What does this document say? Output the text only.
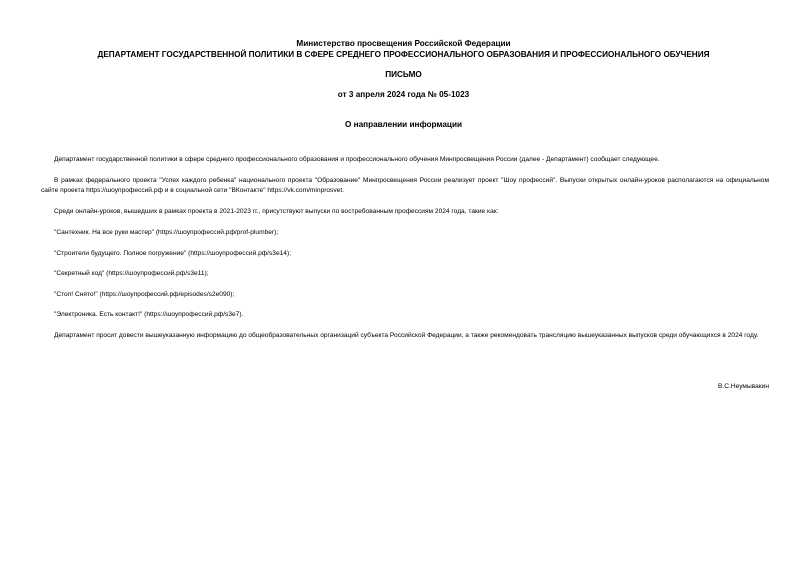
Министерство просвещения Российской Федерации
ДЕПАРТАМЕНТ ГОСУДАРСТВЕННОЙ ПОЛИТИКИ В СФЕРЕ СРЕДНЕГО ПРОФЕССИОНАЛЬНОГО ОБРАЗОВАНИЯ И ПРОФЕССИОНАЛЬНОГО ОБУЧЕНИЯ
ПИСЬМО
от 3 апреля 2024 года № 05-1023
О направлении информации

Департамент государственной политики в сфере среднего профессионального образования и профессионального обучения Минпросвещения России (далее - Департамент) сообщает следующее.

В рамках федерального проекта "Успех каждого ребенка" национального проекта "Образование" Минпросвещения России реализует проект "Шоу профессий". Выпуски открытых онлайн-уроков располагаются на официальном сайте проекта https://шоупрофессий.рф и в социальной сети "ВКонтакте" https://vk.com/minprosvet.

Среди онлайн-уроков, вышедших в рамках проекта в 2021-2023 гг., присутствуют выпуски по востребованным профессиям 2024 года, такие как:

"Сантехник. На все руки мастер" (https://шоупрофессий.рф/prof-plumber);

"Строители будущего. Полное погружение" (https://шоупрофессий.рф/s3e14);

"Секретный код" (https://шоупрофессий.рф/s3e11);

"Стоп! Снято!" (https://шоупрофессий.рф/episodes/s2e090);

"Электроника. Есть контакт!" (https://шоупрофессий.рф/s3e7).

Департамент просит довести вышеуказанную информацию до общеобразовательных организаций субъекта Российской Федерации, а также рекомендовать трансляцию вышеуказанных выпусков среди обучающихся в 2024 году.

В.С.Неумывакин
